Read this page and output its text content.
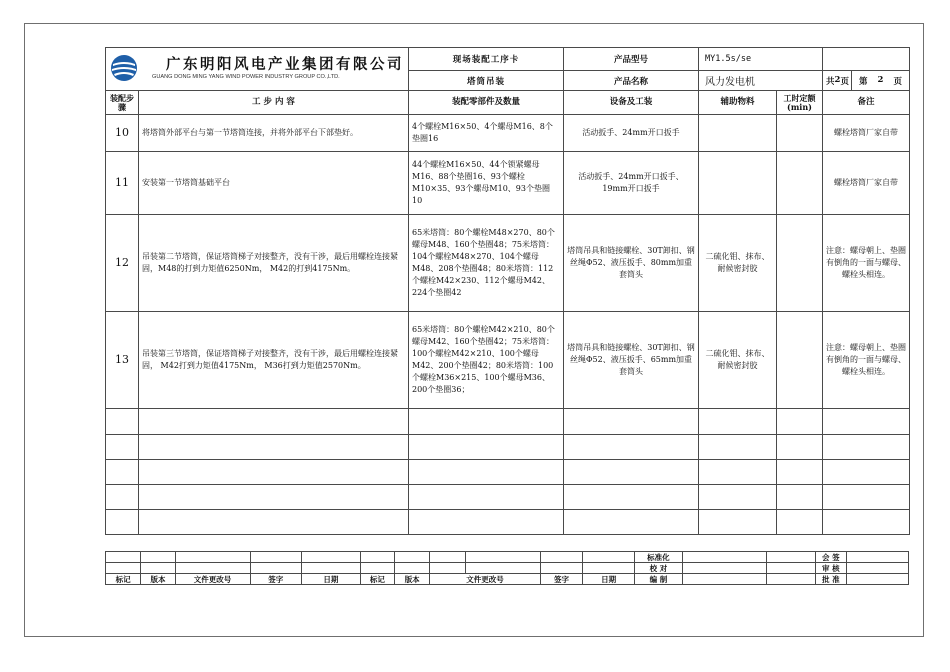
广东明阳风电产业集团有限公司
GUANG DONG MING YANG WIND POWER INDUSTRY GROUP CO.,LTD.		现场装配工序卡	产品型号	MY1.5s/se			
		塔筒吊装	产品名称	风力发电机		共 2 页	第 2 页

装配步骤	工 步 内 容	装配零部件及数量	设备及工装	辅助物料	工时定额(min)	备注	
10	将塔筒外部平台与第一节塔筒连接，并将外部平台下部垫好。	4个螺栓M16×50、4个螺母M16、8个垫圈16	活动扳手、24mm开口扳手			螺栓塔筒厂家自带	
11	安装第一节塔筒基础平台	44个螺栓M16×50、44个锁紧螺母M16、88个垫圈16、93个螺栓M10×35、93个螺母M10、93个垫圈10	活动扳手、24mm开口扳手、19mm开口扳手			螺栓塔筒厂家自带	
12	吊装第二节塔筒，保证塔筒梯子对接整齐，没有干涉，最后用螺栓连接紧固，M48的打到力矩值6250Nm， M42的打到4175Nm。	65米塔筒：80个螺栓M48×270、80个螺母M48、160个垫圈48；75米塔筒：104个螺栓M48×270、104个螺母M48、208个垫圈48；80米塔筒：112个螺栓M42×230、112个螺母M42、224个垫圈42	塔筒吊具和链接螺栓、30T卸扣、钢丝绳Φ52、液压扳手、80mm加重套筒头	二硫化钼、抹布、耐候密封胶		注意：螺母朝上、垫圈有倒角的一面与螺母、螺栓头相连。	
13	吊装第三节塔筒，保证塔筒梯子对接整齐，没有干涉，最后用螺栓连接紧固， M42打到力矩值4175Nm， M36打到力矩值2570Nm。	65米塔筒：80个螺栓M42×210、80个螺母M42、160个垫圈42；75米塔筒：100个螺栓M42×210、100个螺母M42、200个垫圈42；80米塔筒：100个螺栓M36×215、100个螺母M36、200个垫圈36；	塔筒吊具和链接螺栓、30T卸扣、钢丝绳Φ52、液压扳手、65mm加重套筒头	二硫化钼、抹布、耐候密封胶		注意：螺母朝上、垫圈有倒角的一面与螺母、螺栓头相连。	

											标准化			会 签	
											校 对			审 核	
标记	版本	文件更改号	签字	日期	标记	版本	文件更改号		签字	日期	编 制			批 准	
